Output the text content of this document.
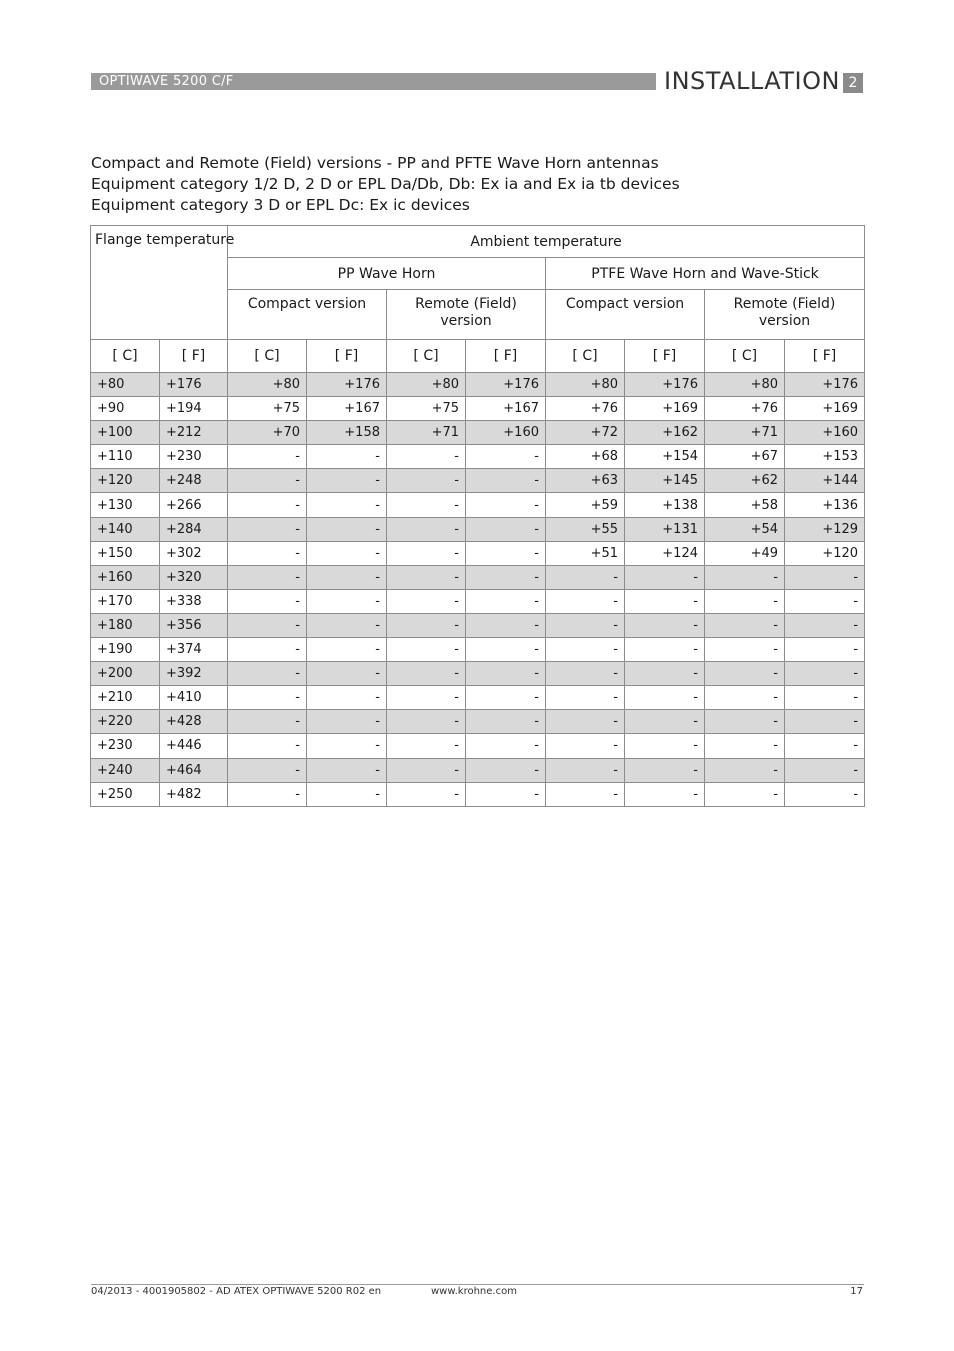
OPTIWAVE 5200 C/F	INSTALLATION 2
Compact and Remote (Field) versions - PP and PFTE Wave Horn antennas
Equipment category 1/2 D, 2 D or EPL Da/Db, Db: Ex ia and Ex ia tb devices
Equipment category 3 D or EPL Dc: Ex ic devices
Flange temperature		Ambient temperature							
		PP Wave Horn				PTFE Wave Horn and Wave-Stick			
		Compact version		Remote (Field) version		Compact version		Remote (Field) version	
[ C]	[ F]	[ C]	[ F]	[ C]	[ F]	[ C]	[ F]	[ C]	[ F]
+80	+176	+80	+176	+80	+176	+80	+176	+80	+176
+90	+194	+75	+167	+75	+167	+76	+169	+76	+169
+100	+212	+70	+158	+71	+160	+72	+162	+71	+160
+110	+230	-	-	-	-	+68	+154	+67	+153
+120	+248	-	-	-	-	+63	+145	+62	+144
+130	+266	-	-	-	-	+59	+138	+58	+136
+140	+284	-	-	-	-	+55	+131	+54	+129
+150	+302	-	-	-	-	+51	+124	+49	+120
+160	+320	-	-	-	-	-	-	-	-
+170	+338	-	-	-	-	-	-	-	-
+180	+356	-	-	-	-	-	-	-	-
+190	+374	-	-	-	-	-	-	-	-
+200	+392	-	-	-	-	-	-	-	-
+210	+410	-	-	-	-	-	-	-	-
+220	+428	-	-	-	-	-	-	-	-
+230	+446	-	-	-	-	-	-	-	-
+240	+464	-	-	-	-	-	-	-	-
+250	+482	-	-	-	-	-	-	-	-
04/2013 - 4001905802 - AD ATEX OPTIWAVE 5200 R02 en	www.krohne.com	17
